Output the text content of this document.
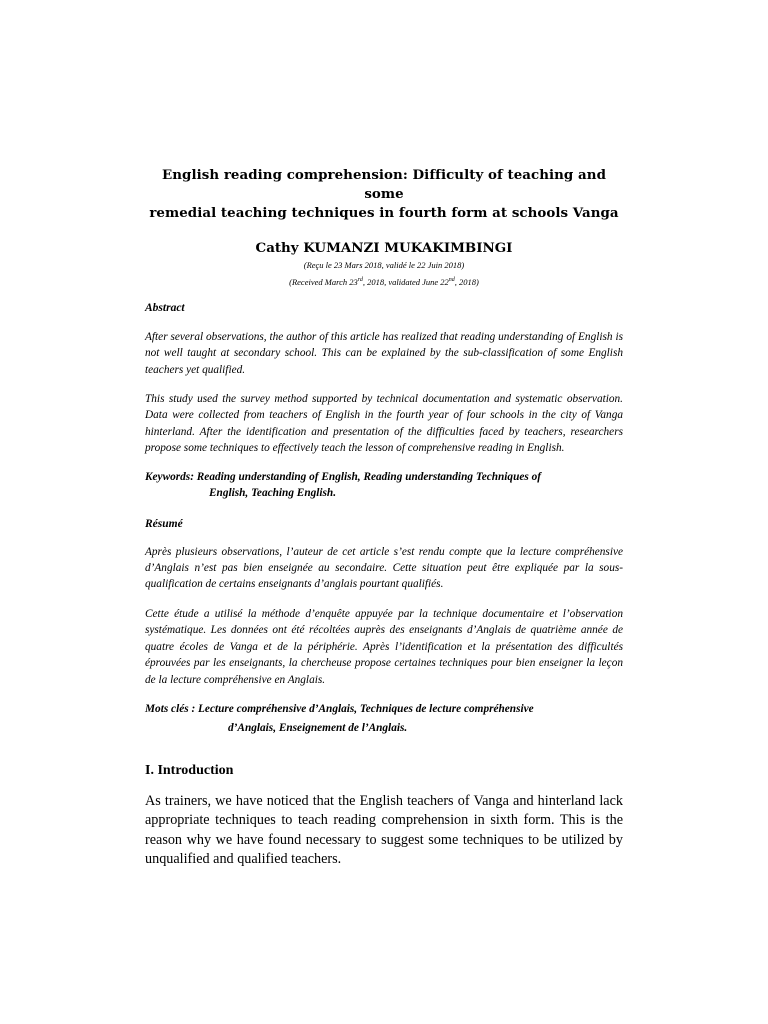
English reading comprehension: Difficulty of teaching and some
remedial teaching techniques in fourth form at schools Vanga
Cathy KUMANZI MUKAKIMBINGI
(Reçu le 23 Mars 2018, validé le 22 Juin 2018)
(Received March 23rd, 2018, validated June 22nd, 2018)
Abstract

After several observations, the author of this article has realized that reading understanding of English is not well taught at secondary school. This can be explained by the sub-classification of some English teachers yet qualified.

This study used the survey method supported by technical documentation and systematic observation. Data were collected from teachers of English in the fourth year of four schools in the city of Vanga hinterland. After the identification and presentation of the difficulties faced by teachers, researchers propose some techniques to effectively teach the lesson of comprehensive reading in English.

Keywords: Reading understanding of English, Reading understanding Techniques of
English, Teaching English.
Résumé

Après plusieurs observations, l’auteur de cet article s’est rendu compte que la lecture compréhensive d’Anglais n’est pas bien enseignée au secondaire. Cette situation peut être expliquée par la sous-qualification de certains enseignants d’anglais pourtant qualifiés.

Cette étude a utilisé la méthode d’enquête appuyée par la technique documentaire et l’observation systématique. Les données ont été récoltées auprès des enseignants d’Anglais de quatrième année de quatre écoles de Vanga et de la périphérie. Après l’identification et la présentation des difficultés éprouvées par les enseignants, la chercheuse propose certaines techniques pour bien enseigner la leçon de la lecture compréhensive en Anglais.

Mots clés : Lecture compréhensive d’Anglais, Techniques de lecture compréhensive
d’Anglais, Enseignement de l’Anglais.
I. Introduction

As trainers, we have noticed that the English teachers of Vanga and hinterland lack appropriate techniques to teach reading comprehension in sixth form. This is the reason why we have found necessary to suggest some techniques to be utilized by unqualified and qualified teachers.
